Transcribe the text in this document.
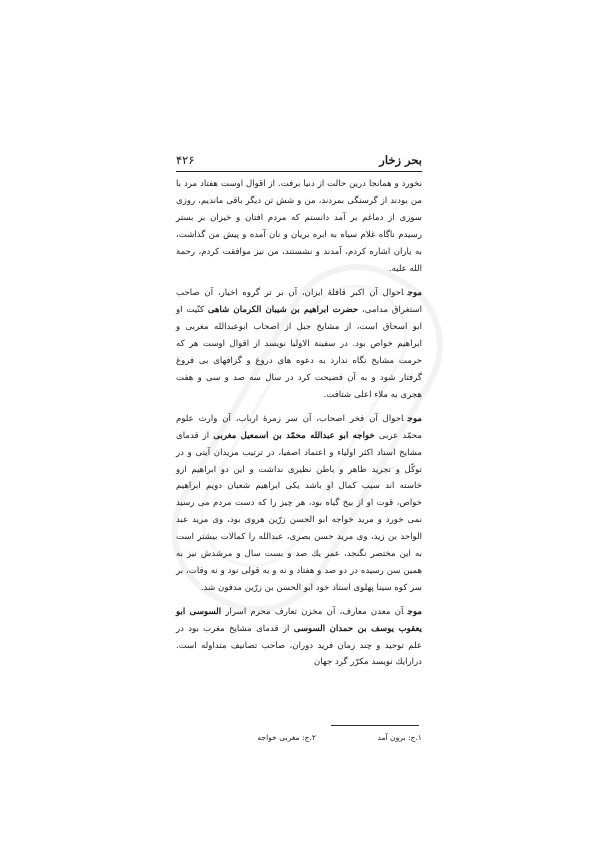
۴۲۶	بحر زخار

نخورد و همانجا درین حالت از دنیا برفت. از اقوال اوست هفتاد مرد با من بودند از گرسنگی بمردند، من و شش تن دیگر باقی ماندیم، روزی سوزی از دماغم بر آمد دانستم که مردم افتان و خیزان بر بستر رسیدم ناگاه غلام سیاه به ابره بریان و نان آمده و پیش من گذاشت، به یاران اشاره کردم، آمدند و نشستند، من نیز موافقت کردم، رحمة الله علیه.

موجاحوال آن اکبر قافلهٔ ایزان، آن بر تر گروه اخیار، آن صاحب استغراق مدامی، حضرت ابراهیم بن شیبان الکرمان شاهی کنّیت او ابو اسحاق است، از مشایخ جبل از اصحاب ابوعبدالله مغربی و ابراهیم خواص بود. در سفینة الاولیا نویسد از اقوال اوست هر که حرمت مشایخ نگاه ندارد به دعوه های دروغ و گزافهای بی فروغ گرفتار شود و به آن فضیحت کرد در سال سه صد و سی و هفت هجری به ملاء اعلی شتافت.

موجاحوال آن فخر اصحاب، آن سر زمرهٔ ارباب، آن وارث علوم محمّد عربی خواجه ابو عبدالله محمّد بن اسمعیل مغربی از قدمای مشایخ استاد اکثر اولیاء و اعتماد اصفیا، در ترتیب مریدان آیتی و در توکّل و تجرید ظاهر و باطن نظیری نداشت و این دو ابراهیم ازو خاسته اند سبب کمال او باشد یکی ابراهیم شعبان دویم ابراهیم خواص، قوت او از بیخ گیاه بود، هر چیز را که دست مردم می رسید نمی خورد و مرید خواجه ابو الحسن زرّین هروی بود، وی مرید عبد الواحد بن زید، وی مرید حسن بصری، عبدالله را کمالات بیشتر است به این مختصر نگنجد، عمر یك صد و بست سال و مرشدش نیز به همین سن رسیده در دو صد و هفتاد و نه و به قولی نود و نه وفات، بر سر کوه سینا پهلوی استاد خود ابو الحسن بن زرّین مدفون شد.

موجآن معدن معارف، آن مخزن تعارف محرم اسرار السوسی ابو یعقوب یوسف بن حمدان السوسی از قدمای مشایخ مغرب بود در علم توحید و چند زمان فرید دوران، صاحب تصانیف متداوله است. درارایك نویسد مکرّر گرد جهان

۱.ج: برون آمد
۲.ج: مغربی خواجه
